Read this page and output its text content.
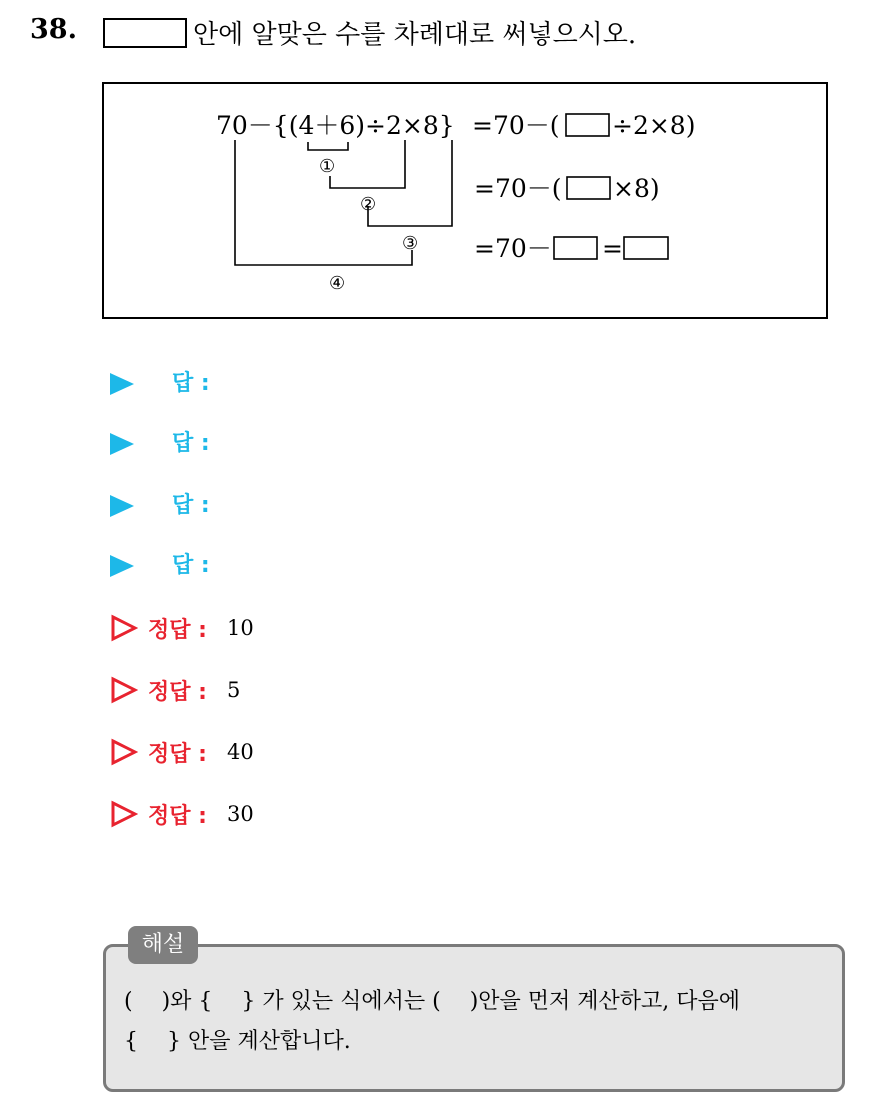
38.	안에 알맞은 수를 차례대로 써넣으시오.
70－{(4＋6)÷2×8} =70－( ÷2×8)
=70－( ×8)
=70－ =
①
②
③
④
답 :
답 :
답 :
답 :
정답 : 10
정답 : 5
정답 : 40
정답 : 30
해설
(　 )와 {　 } 가 있는 식에서는 (　 )안을 먼저 계산하고, 다음에
{　 } 안을 계산합니다.
